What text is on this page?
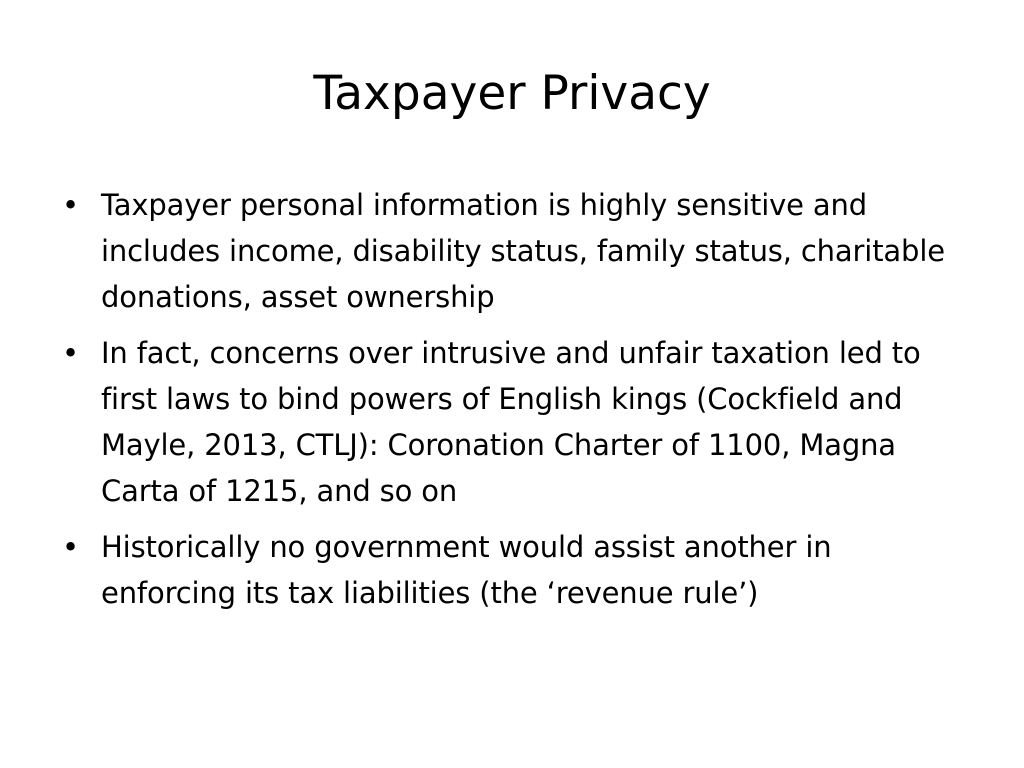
Taxpayer Privacy
• Taxpayer personal information is highly sensitive and includes income, disability status, family status, charitable donations, asset ownership
• In fact, concerns over intrusive and unfair taxation led to first laws to bind powers of English kings (Cockfield and Mayle, 2013, CTLJ): Coronation Charter of 1100, Magna Carta of 1215, and so on
• Historically no government would assist another in enforcing its tax liabilities (the ‘revenue rule’)
